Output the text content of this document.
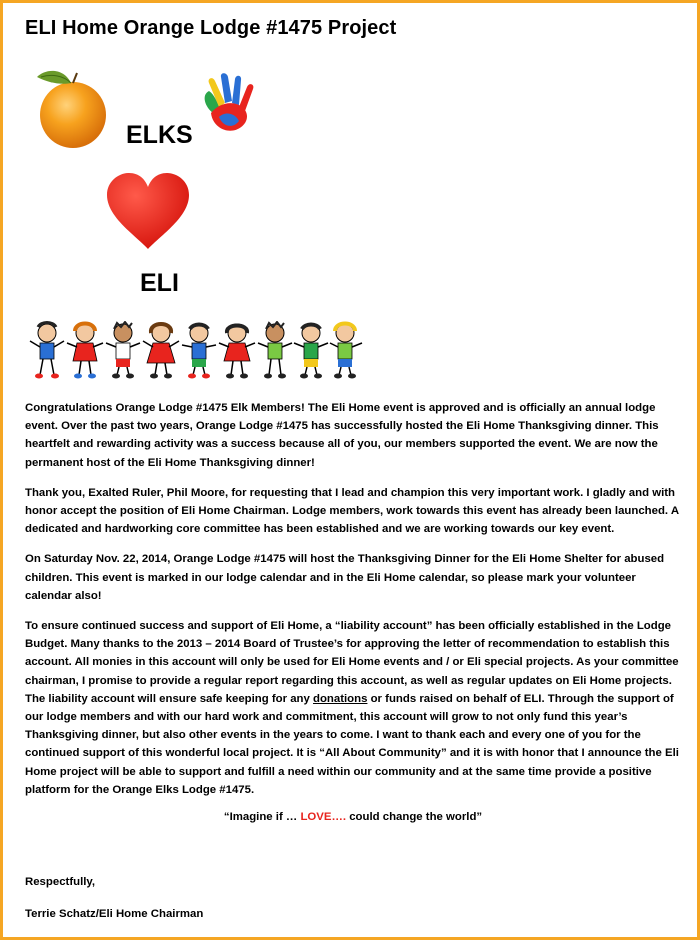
ELI Home Orange Lodge #1475 Project

ELKS

ELI

Congratulations Orange Lodge #1475 Elk Members! The Eli Home event is approved and is officially an annual lodge event. Over the past two years, Orange Lodge #1475 has successfully hosted the Eli Home Thanksgiving dinner. This heartfelt and rewarding activity was a success because all of you, our members supported the event. We are now the permanent host of the Eli Home Thanksgiving dinner!

Thank you, Exalted Ruler, Phil Moore, for requesting that I lead and champion this very important work. I gladly and with honor accept the position of Eli Home Chairman. Lodge members, work towards this event has already been launched. A dedicated and hardworking core committee has been established and we are working towards our key event.

On Saturday Nov. 22, 2014, Orange Lodge #1475 will host the Thanksgiving Dinner for the Eli Home Shelter for abused children. This event is marked in our lodge calendar and in the Eli Home calendar, so please mark your volunteer calendar also!

To ensure continued success and support of Eli Home, a “liability account” has been officially established in the Lodge Budget. Many thanks to the 2013 – 2014 Board of Trustee’s for approving the letter of recommendation to establish this account. All monies in this account will only be used for Eli Home events and / or Eli special projects. As your committee chairman, I promise to provide a regular report regarding this account, as well as regular updates on Eli Home projects. The liability account will ensure safe keeping for any donations or funds raised on behalf of ELI. Through the support of our lodge members and with our hard work and commitment, this account will grow to not only fund this year’s Thanksgiving dinner, but also other events in the years to come. I want to thank each and every one of you for the continued support of this wonderful local project. It is “All About Community” and it is with honor that I announce the Eli Home project will be able to support and fulfill a need within our community and at the same time provide a positive platform for the Orange Elks Lodge #1475.

“Imagine if … LOVE…. could change the world”
Respectfully,
Terrie Schatz/Eli Home Chairman
